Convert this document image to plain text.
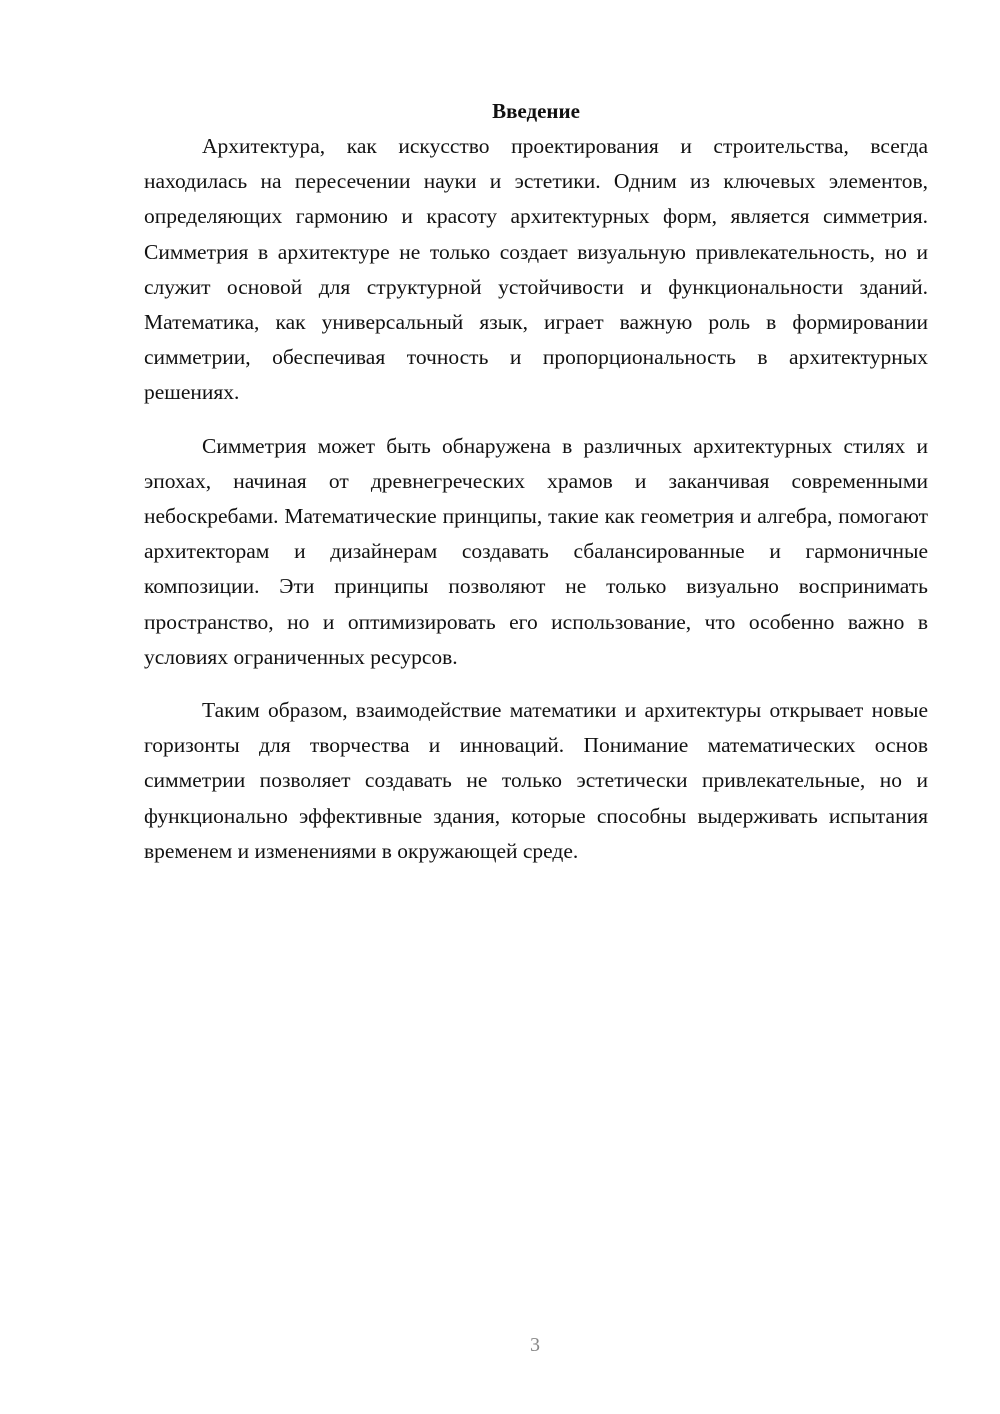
Введение

Архитектура, как искусство проектирования и строительства, всегда находилась на пересечении науки и эстетики. Одним из ключевых элементов, определяющих гармонию и красоту архитектурных форм, является симметрия. Симметрия в архитектуре не только создает визуальную привлекательность, но и служит основой для структурной устойчивости и функциональности зданий. Математика, как универсальный язык, играет важную роль в формировании симметрии, обеспечивая точность и пропорциональность в архитектурных решениях.

Симметрия может быть обнаружена в различных архитектурных стилях и эпохах, начиная от древнегреческих храмов и заканчивая современными небоскребами. Математические принципы, такие как геометрия и алгебра, помогают архитекторам и дизайнерам создавать сбалансированные и гармоничные композиции. Эти принципы позволяют не только визуально воспринимать пространство, но и оптимизировать его использование, что особенно важно в условиях ограниченных ресурсов.

Таким образом, взаимодействие математики и архитектуры открывает новые горизонты для творчества и инноваций. Понимание математических основ симметрии позволяет создавать не только эстетически привлекательные, но и функционально эффективные здания, которые способны выдерживать испытания временем и изменениями в окружающей среде.

3
